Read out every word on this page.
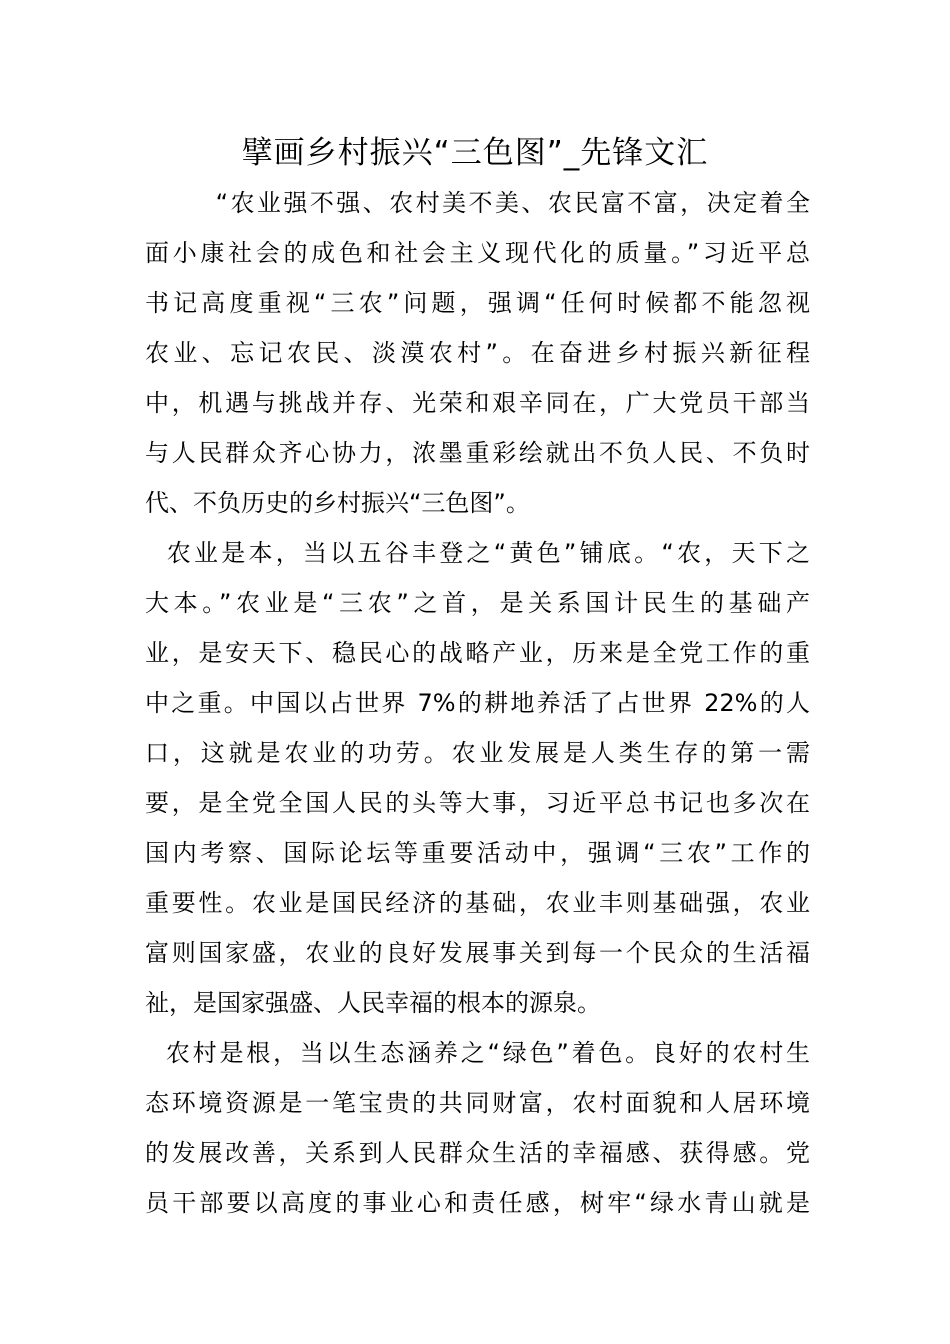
擘画乡村振兴“三色图”_先锋文汇
“农业强不强、农村美不美、农民富不富，决定着全
面小康社会的成色和社会主义现代化的质量。”习近平总
书记高度重视“三农”问题，强调“任何时候都不能忽视
农业、忘记农民、淡漠农村”。在奋进乡村振兴新征程
中，机遇与挑战并存、光荣和艰辛同在，广大党员干部当
与人民群众齐心协力，浓墨重彩绘就出不负人民、不负时
代、不负历史的乡村振兴“三色图”。
农业是本，当以五谷丰登之“黄色”铺底。“农，天下之
大本。”农业是“三农”之首，是关系国计民生的基础产
业，是安天下、稳民心的战略产业，历来是全党工作的重
中之重。中国以占世界 7%的耕地养活了占世界 22%的人
口，这就是农业的功劳。农业发展是人类生存的第一需
要，是全党全国人民的头等大事，习近平总书记也多次在
国内考察、国际论坛等重要活动中，强调“三农”工作的
重要性。农业是国民经济的基础，农业丰则基础强，农业
富则国家盛，农业的良好发展事关到每一个民众的生活福
祉，是国家强盛、人民幸福的根本的源泉。
农村是根，当以生态涵养之“绿色”着色。良好的农村生
态环境资源是一笔宝贵的共同财富，农村面貌和人居环境
的发展改善，关系到人民群众生活的幸福感、获得感。党
员干部要以高度的事业心和责任感，树牢“绿水青山就是
